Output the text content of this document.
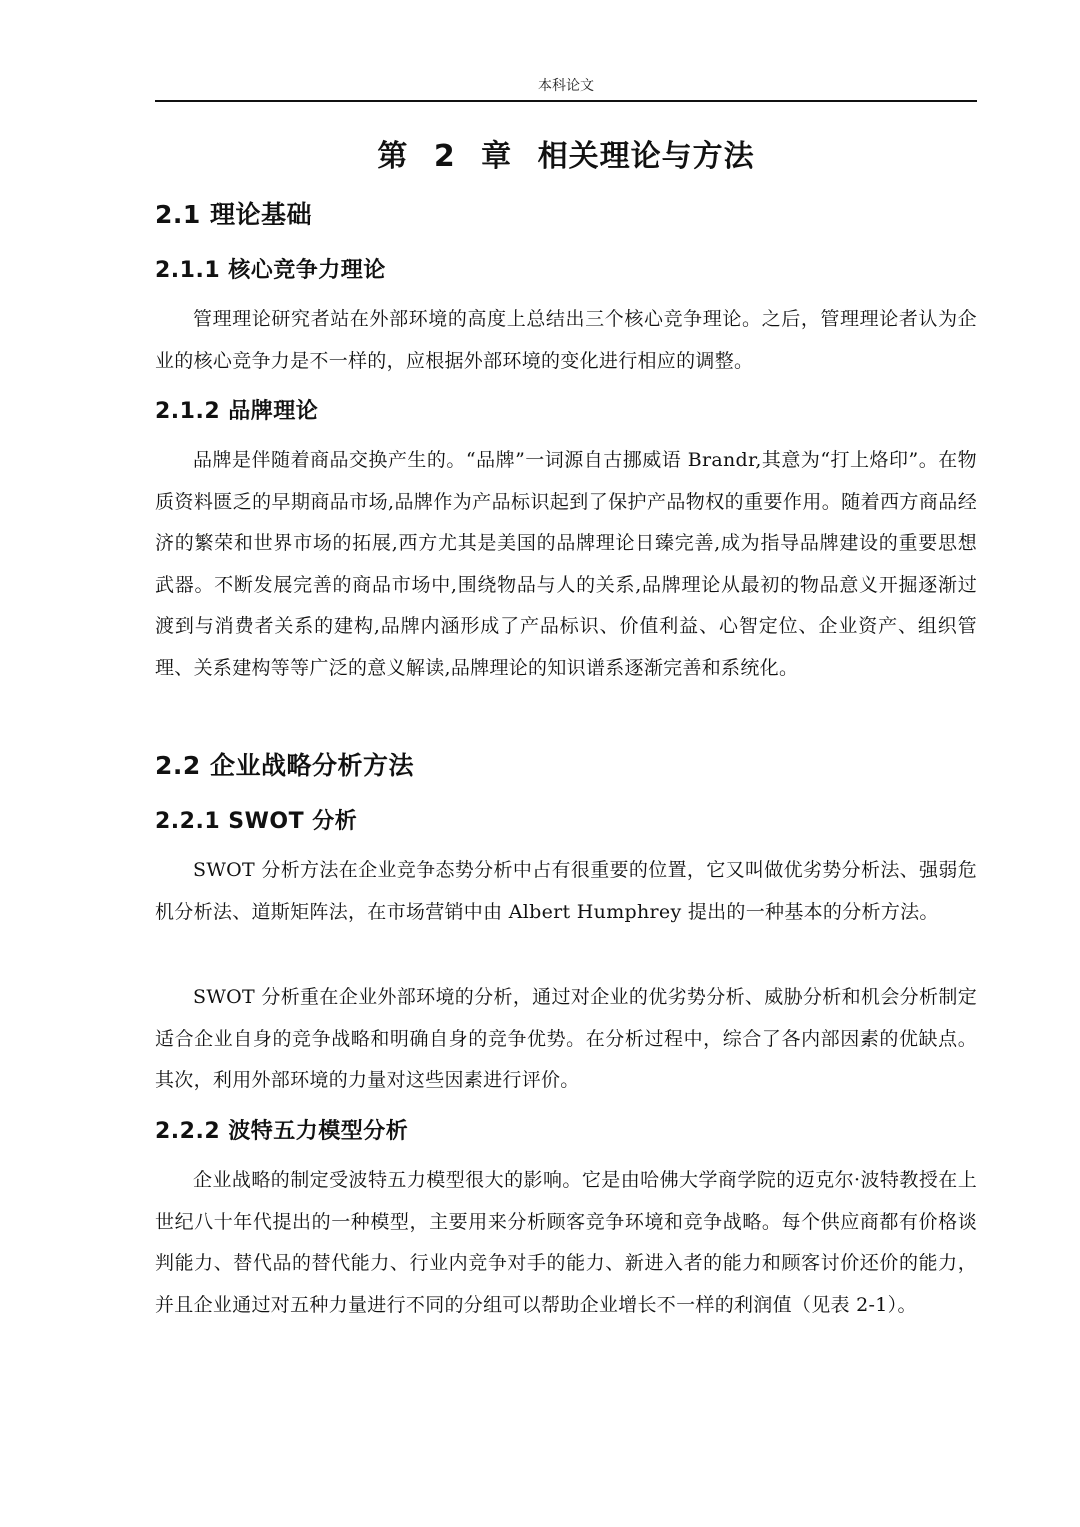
本科论文
第 2 章 相关理论与方法
2.1 理论基础
2.1.1 核心竞争力理论

管理理论研究者站在外部环境的高度上总结出三个核心竞争理论。之后，管理理论者认为企业的核心竞争力是不一样的，应根据外部环境的变化进行相应的调整。

2.1.2 品牌理论

品牌是伴随着商品交换产生的。“品牌”一词源自古挪威语 Brandr,其意为“打上烙印”。在物质资料匮乏的早期商品市场,品牌作为产品标识起到了保护产品物权的重要作用。随着西方商品经济的繁荣和世界市场的拓展,西方尤其是美国的品牌理论日臻完善,成为指导品牌建设的重要思想武器。不断发展完善的商品市场中,围绕物品与人的关系,品牌理论从最初的物品意义开掘逐渐过渡到与消费者关系的建构,品牌内涵形成了产品标识、价值利益、心智定位、企业资产、组织管理、关系建构等等广泛的意义解读,品牌理论的知识谱系逐渐完善和系统化。

2.2 企业战略分析方法
2.2.1 SWOT 分析

SWOT 分析方法在企业竞争态势分析中占有很重要的位置，它又叫做优劣势分析法、强弱危机分析法、道斯矩阵法，在市场营销中由 Albert Humphrey 提出的一种基本的分析方法。

SWOT 分析重在企业外部环境的分析，通过对企业的优劣势分析、威胁分析和机会分析制定适合企业自身的竞争战略和明确自身的竞争优势。在分析过程中，综合了各内部因素的优缺点。其次，利用外部环境的力量对这些因素进行评价。

2.2.2 波特五力模型分析

企业战略的制定受波特五力模型很大的影响。它是由哈佛大学商学院的迈克尔·波特教授在上世纪八十年代提出的一种模型，主要用来分析顾客竞争环境和竞争战略。每个供应商都有价格谈判能力、替代品的替代能力、行业内竞争对手的能力、新进入者的能力和顾客讨价还价的能力，并且企业通过对五种力量进行不同的分组可以帮助企业增长不一样的利润值（见表 2-1）。
